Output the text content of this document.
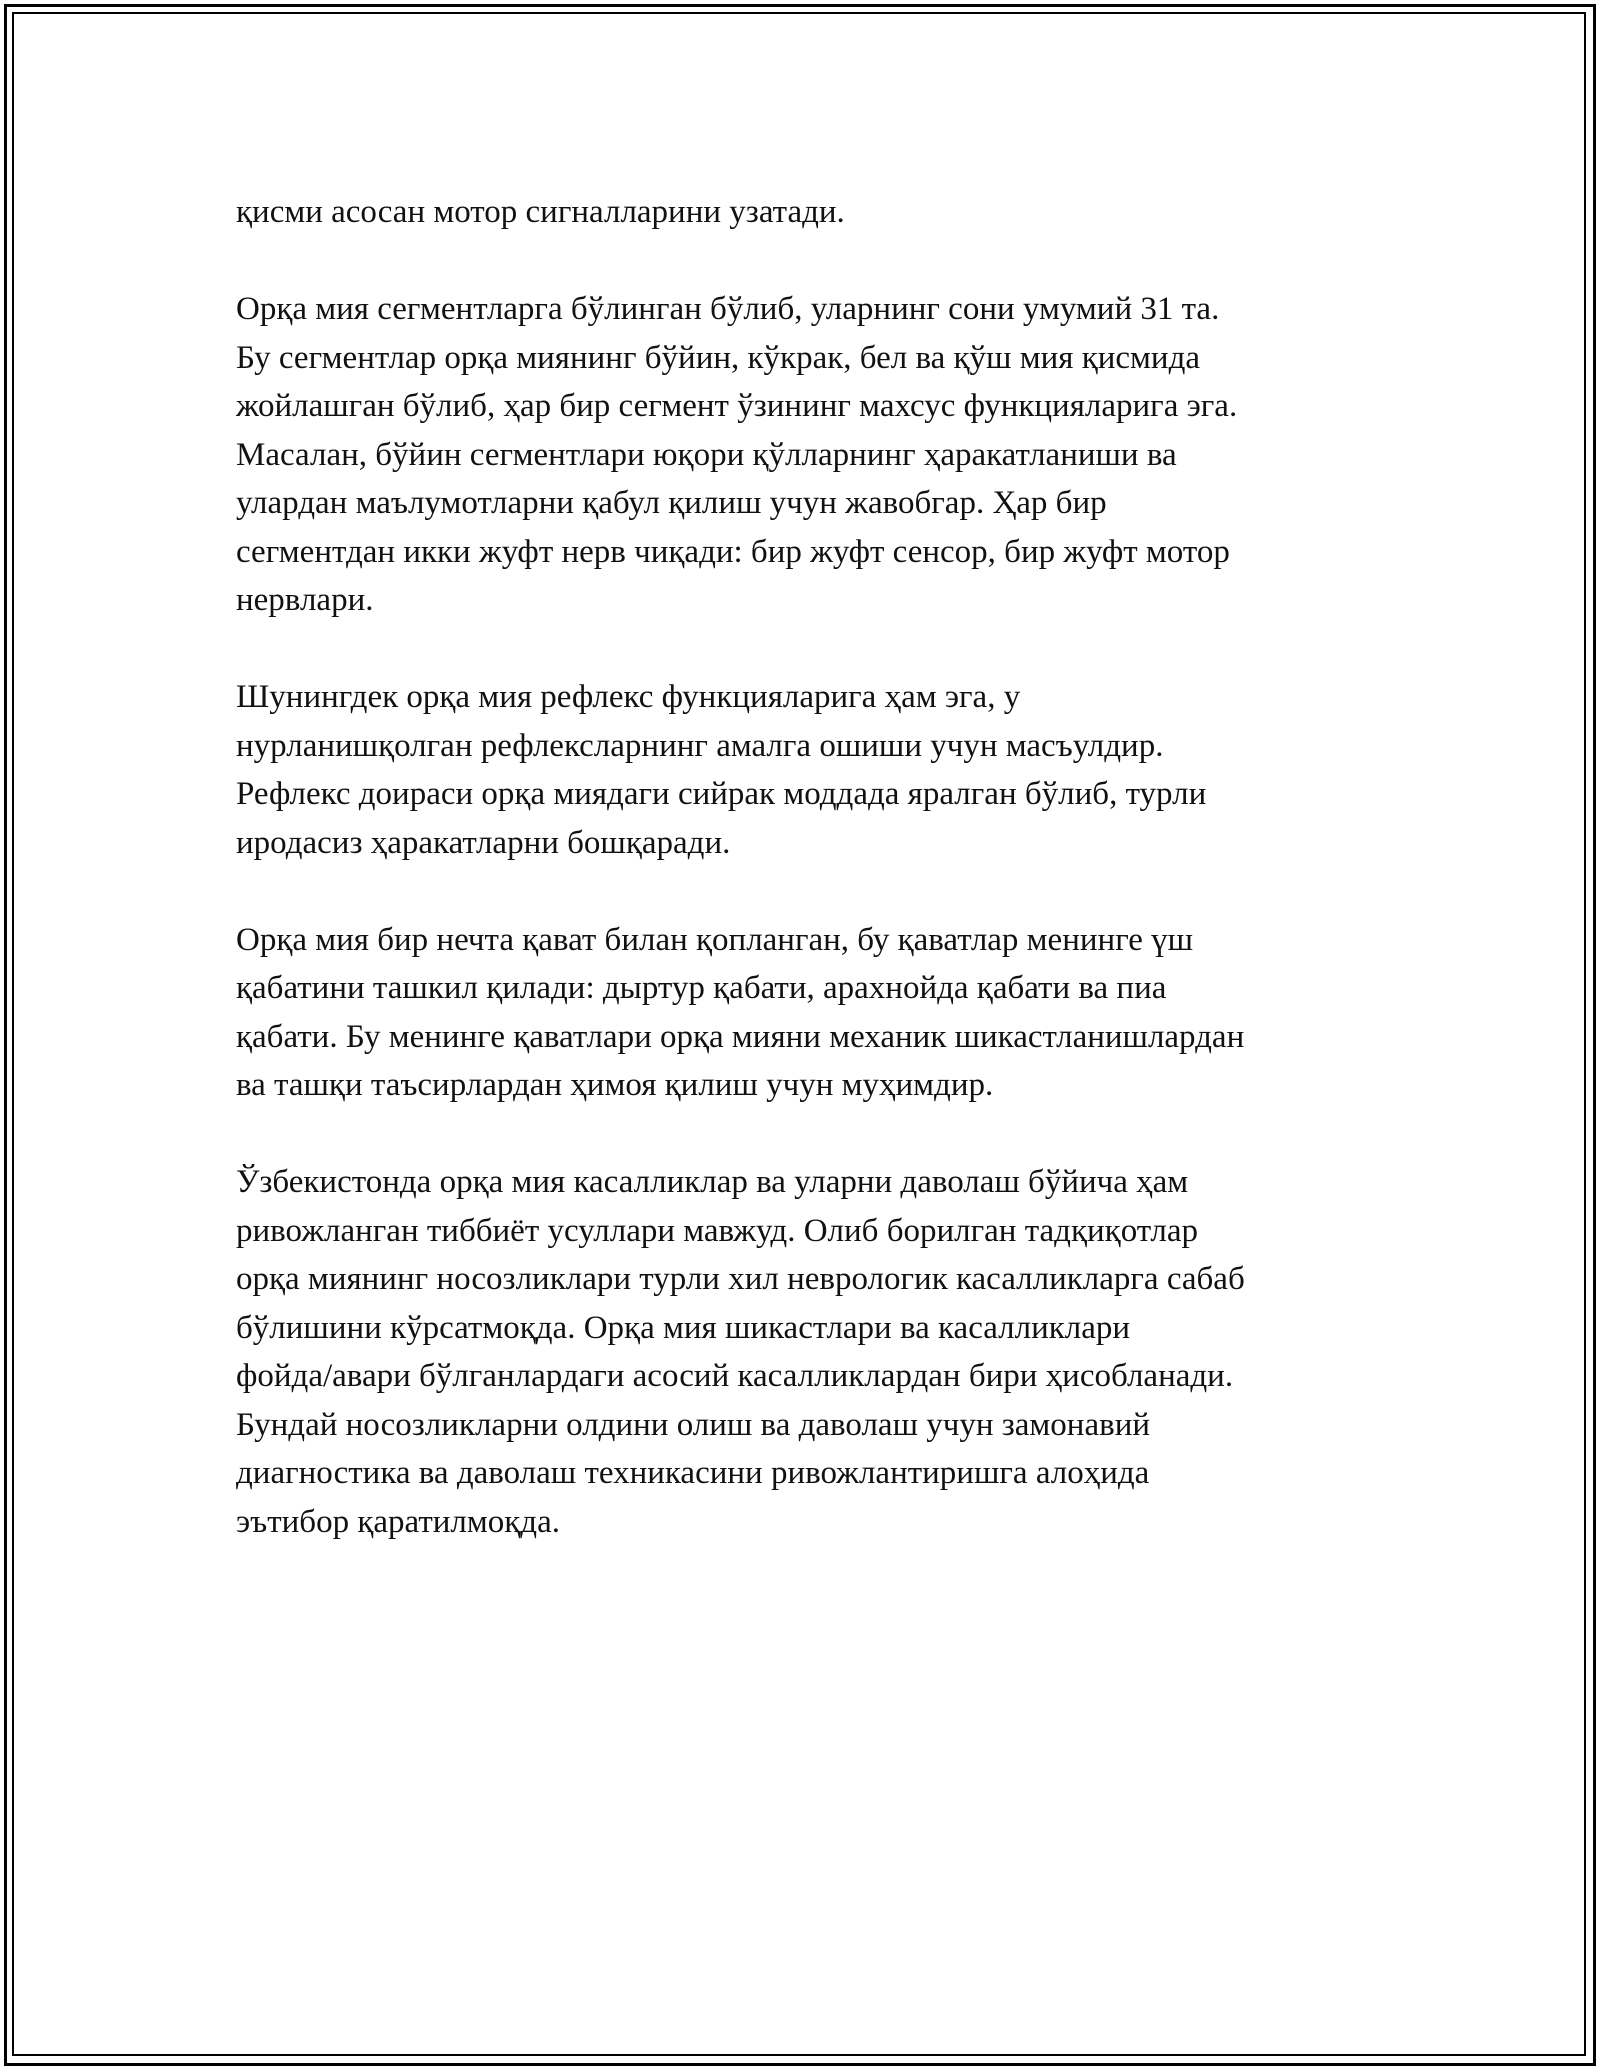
қисми асосан мотор сигналларини узатади.

Орқа мия сегментларга бўлинган бўлиб, уларнинг сони умумий 31 та.
Бу сегментлар орқа миянинг бўйин, кўкрак, бел ва қўш мия қисмида
жойлашган бўлиб, ҳар бир сегмент ўзининг махсус функцияларига эга.
Масалан, бўйин сегментлари юқори қўлларнинг ҳаракатланиши ва
улардан маълумотларни қабул қилиш учун жавобгар. Ҳар бир
сегментдан икки жуфт нерв чиқади: бир жуфт сенсор, бир жуфт мотор
нервлари.

Шунингдек орқа мия рефлекс функцияларига ҳам эга, у
нурланишқолган рефлексларнинг амалга ошиши учун масъулдир.
Рефлекс доираси орқа миядаги сийрак моддада яралган бўлиб, турли
иродасиз ҳаракатларни бошқаради.

Орқа мия бир нечта қават билан қопланган, бу қаватлар менинге үш
қабатини ташкил қилади: дыртур қабати, арахнойда қабати ва пиа
қабати. Бу менинге қаватлари орқа мияни механик шикастланишлардан
ва ташқи таъсирлардан ҳимоя қилиш учун муҳимдир.

Ўзбекистонда орқа мия касалликлар ва уларни даволаш бўйича ҳам
ривожланган тиббиёт усуллари мавжуд. Олиб борилган тадқиқотлар
орқа миянинг носозликлари турли хил неврологик касалликларга сабаб
бўлишини кўрсатмоқда. Орқа мия шикастлари ва касалликлари
фойда/авари бўлганлардаги асосий касалликлардан бири ҳисобланади.
Бундай носозликларни олдини олиш ва даволаш учун замонавий
диагностика ва даволаш техникасини ривожлантиришга алоҳида
эътибор қаратилмоқда.
